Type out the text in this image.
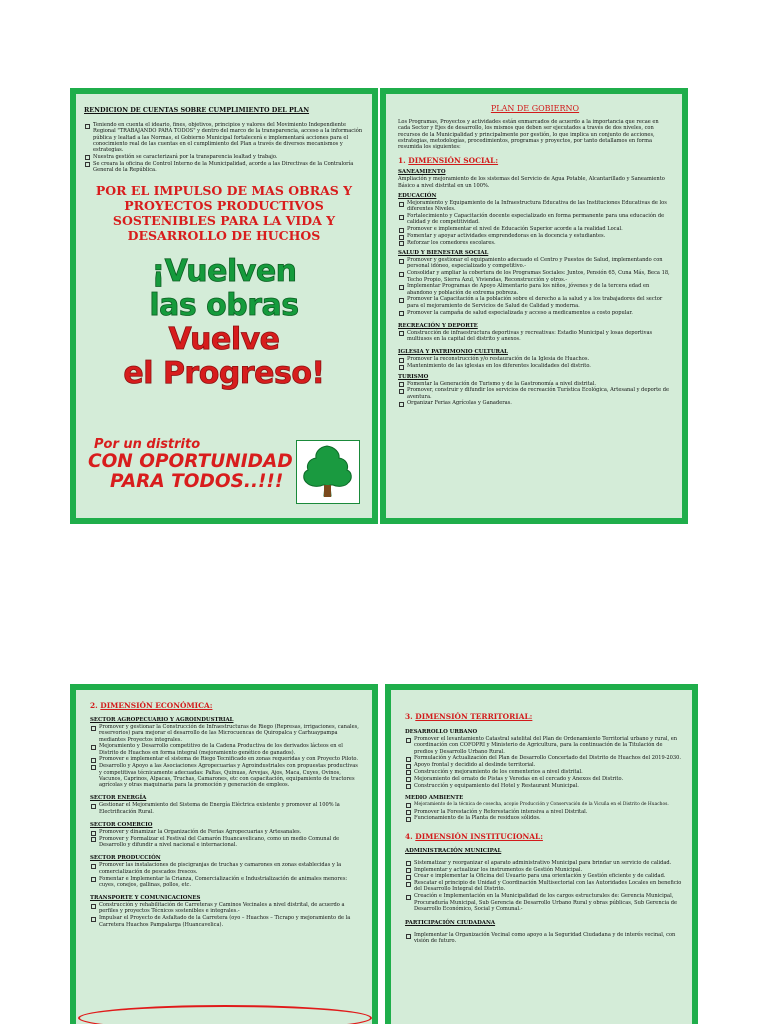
RENDICION DE CUENTAS SOBRE CUMPLIMIENTO DEL PLAN
Teniendo en cuenta el ideario, fines, objetivos, principios y valores del Movimiento Independiente Regional "TRABAJANDO PARA TODOS" y dentro del marco de la transparencia, acceso a la información pública y lealtad a las Normas, el Gobierno Municipal fortalecerá e implementará acciones para el conocimiento real de las cuentas en el cumplimiento del Plan a través de diversos mecanismos y estrategias.
Nuestra gestión se caracterizará por la transparencia lealtad y trabajo.
Se creara la oficina de Control Interno de la Municipalidad, acorde a las Directivas de la Contraloría General de la República.
POR EL IMPULSO DE MAS OBRAS Y PROYECTOS PRODUCTIVOS SOSTENIBLES PARA LA VIDA Y DESARROLLO DE HUCHOS
¡Vuelven
las obras
Vuelve
el Progreso!
Por un distrito
CON OPORTUNIDAD
PARA TODOS..!!!
PLAN DE GOBIERNO

Los Programas, Proyectos y actividades están enmarcados de acuerdo a la importancia que recae en cada Sector y Ejes de desarrollo, los mismos que deben ser ejecutados a través de dos niveles, con recursos de la Municipalidad y principalmente por gestión, lo que implica un conjunto de acciones, estrategias, metodologías, procedimientos, programas y proyectos, por tanto detallamos en forma resumida los siguientes:

1. DIMENSIÓN SOCIAL:
SANEAMIENTO

Ampliación y mejoramiento de los sistemas del Servicio de Agua Potable, Alcantarillado y Saneamiento Básico a nivel distrital en un 100%.

EDUCACIÓN
Mejoramiento y Equipamiento de la Infraestructura Educativa de las Instituciones Educativas de los diferentes Niveles.
Fortalecimiento y Capacitación docente especializado en forma permanente para una educación de calidad y de competitividad.
Promover e implementar el nivel de Educación Superior acorde a la realidad Local.
Fomentar y apoyar actividades emprendedoras en la docencia y estudiantes.
Reforzar los comedores escolares.
SALUD Y BIENESTAR SOCIAL
Promover y gestionar el equipamiento adecuado el Centro y Puestos de Salud, implementando con personal idóneo, especializado y competitivo.-
Consolidar y ampliar la cobertura de los Programas Sociales: Juntos, Pensión 65, Cuna Más, Beca 18, Techo Propio, Sierra Azul, Viviendas, Reconstrucción y otros.-
Implementar Programas de Apoyo Alimentario para los niños, jóvenes y de la tercera edad en abandono y población de extrema pobreza.
Promover la Capacitación a la población sobre el derecho a la salud y a los trabajadores del sector para el mejoramiento de Servicios de Salud de Calidad y moderna.
Promover la campaña de salud especializada y acceso a medicamentos a costo popular.
RECREACIÓN Y DEPORTE
Construcción de infraestructura deportivas y recreativas: Estadio Municipal y losas deportivas multiusos en la capital del distrito y anexos.
IGLESIA Y PATRIMONIO CULTURAL
Promover la reconstrucción y/o restauración de la Iglesia de Huachos.
Mantenimiento de las iglesias en los diferentes localidades del distrito.
TURISMO
Fomentar la Generación de Turismo y de la Gastronomía a nivel distrital.
Promover, construir y difundir los servicios de recreación Turística Ecológica, Artesanal y deporte de aventura.
Organizar Ferias Agrícolas y Ganaderas.
2. DIMENSIÓN ECONÓMICA:
SECTOR AGROPECUARIO Y AGROINDUSTRIAL
Promover y gestionar la Construcción de Infraestructuras de Riego (Represas, irrigaciones, canales, reservorios) para mejorar el desarrollo de las Microcuencas de Quiropalca y Carhuaypampa mediantes Proyectos integrales.
Mejoramiento y Desarrollo competitivo de la Cadena Productiva de los derivados lácteos en el Distrito de Huachos en forma integral (mejoramiento genético de ganados).
Promover e implementar el sistema de Riego Tecnificado en zonas requeridas y con Proyecto Piloto.
Desarrollo y Apoyo a las Asociaciones Agropecuarias y Agroindustriales con propuestas productivas y competitivas técnicamente adecuadas: Paltas, Quinuas, Arvejas, Ajos, Maca, Cuyes, Ovinos, Vacunos, Caprinos, Alpacas, Truchas, Camarones, etc con capacitación, equipamiento de tractores agrícolas y otras maquinaria para la promoción y generación de empleos.
SECTOR ENERGÍA
Gestionar el Mejoramiento del Sistema de Energía Eléctrica existente y promover al 100% la Electrificación Rural.
SECTOR COMERCIO
Promover y dinamizar la Organización de Ferias Agropecuarias y Artesanales.
Promover y Formalizar el Festival del Camarón Huancavelicano, como un medio Comunal de Desarrollo y difundir a nivel nacional e internacional.
SECTOR PRODUCCIÓN
Promover las instalaciones de piscigranjas de truchas y camarones en zonas establecidas y la comercialización de pescados frescos.
Fomentar e Implementar la Crianza, Comercialización e Industrialización de animales menores: cuyes, conejos, gallinas, pollos, etc.
TRANSPORTE Y COMUNICACIONES
Construcción y rehabilitación de Carreteras y Caminos Vecinales a nivel distrital, de acuerdo a perfiles y proyectos Técnicos sostenibles e integrales.-
Impulsar el Proyecto de Asfaltado de la Carretera (oyo – Huachos – Ticrapo y mejoramiento de la Carretera Huachos Pampalarga (Huancavelica).
3. DIMENSIÓN TERRITORIAL:
DESARROLLO URBANO
Promover el levantamiento Catastral satelital del Plan de Ordenamiento Territorial urbano y rural, en coordinación con COFOPRI y Ministerio de Agricultura, para la continuación de la Titulación de predios y Desarrollo Urbano Rural.
Formulación y Actualización del Plan de Desarrollo Concertado del Distrito de Huachos del 2019-2030.
Apoyo frontal y decidido al deslinde territorial.
Construcción y mejoramiento de los cementerios a nivel distrital.
Mejoramiento del ornato de Pistas y Veredas en el cercado y Anexos del Distrito.
Construcción y equipamiento del Hotel y Restaurant Municipal.
MEDIO AMBIENTE
Mejoramiento de la técnica de cosecha, acopio Producción y Conservación de la Vicuña en el Distrito de Huachos.
Promover la Forestación y Reforestación intensiva a nivel Distrital.
Funcionamiento de la Planta de residuos sólidos.
4. DIMENSIÓN INSTITUCIONAL:
ADMINISTRACIÓN MUNICIPAL
Sistematizar y reorganizar el aparato administrativo Municipal para brindar un servicio de calidad.
Implementar y actualizar los instrumentos de Gestión Municipal.
Crear e implementar la Oficina del Usuario para una orientación y Gestión eficiente y de calidad.
Rescatar el principio de Unidad y Coordinación Multisectorial con las Autoridades Locales en beneficio del Desarrollo Integral del Distrito.
Creación e Implementación en la Municipalidad de los cargos estructurales de: Gerencia Municipal, Procuraduría Municipal, Sub Gerencia de Desarrollo Urbano Rural y obras públicas, Sub Gerencia de Desarrollo Económico, Social y Comunal.-
PARTICIPACIÓN CIUDADANA
Implementar la Organización Vecinal como apoyo a la Seguridad Ciudadana y de interés vecinal, con visión de futuro.
